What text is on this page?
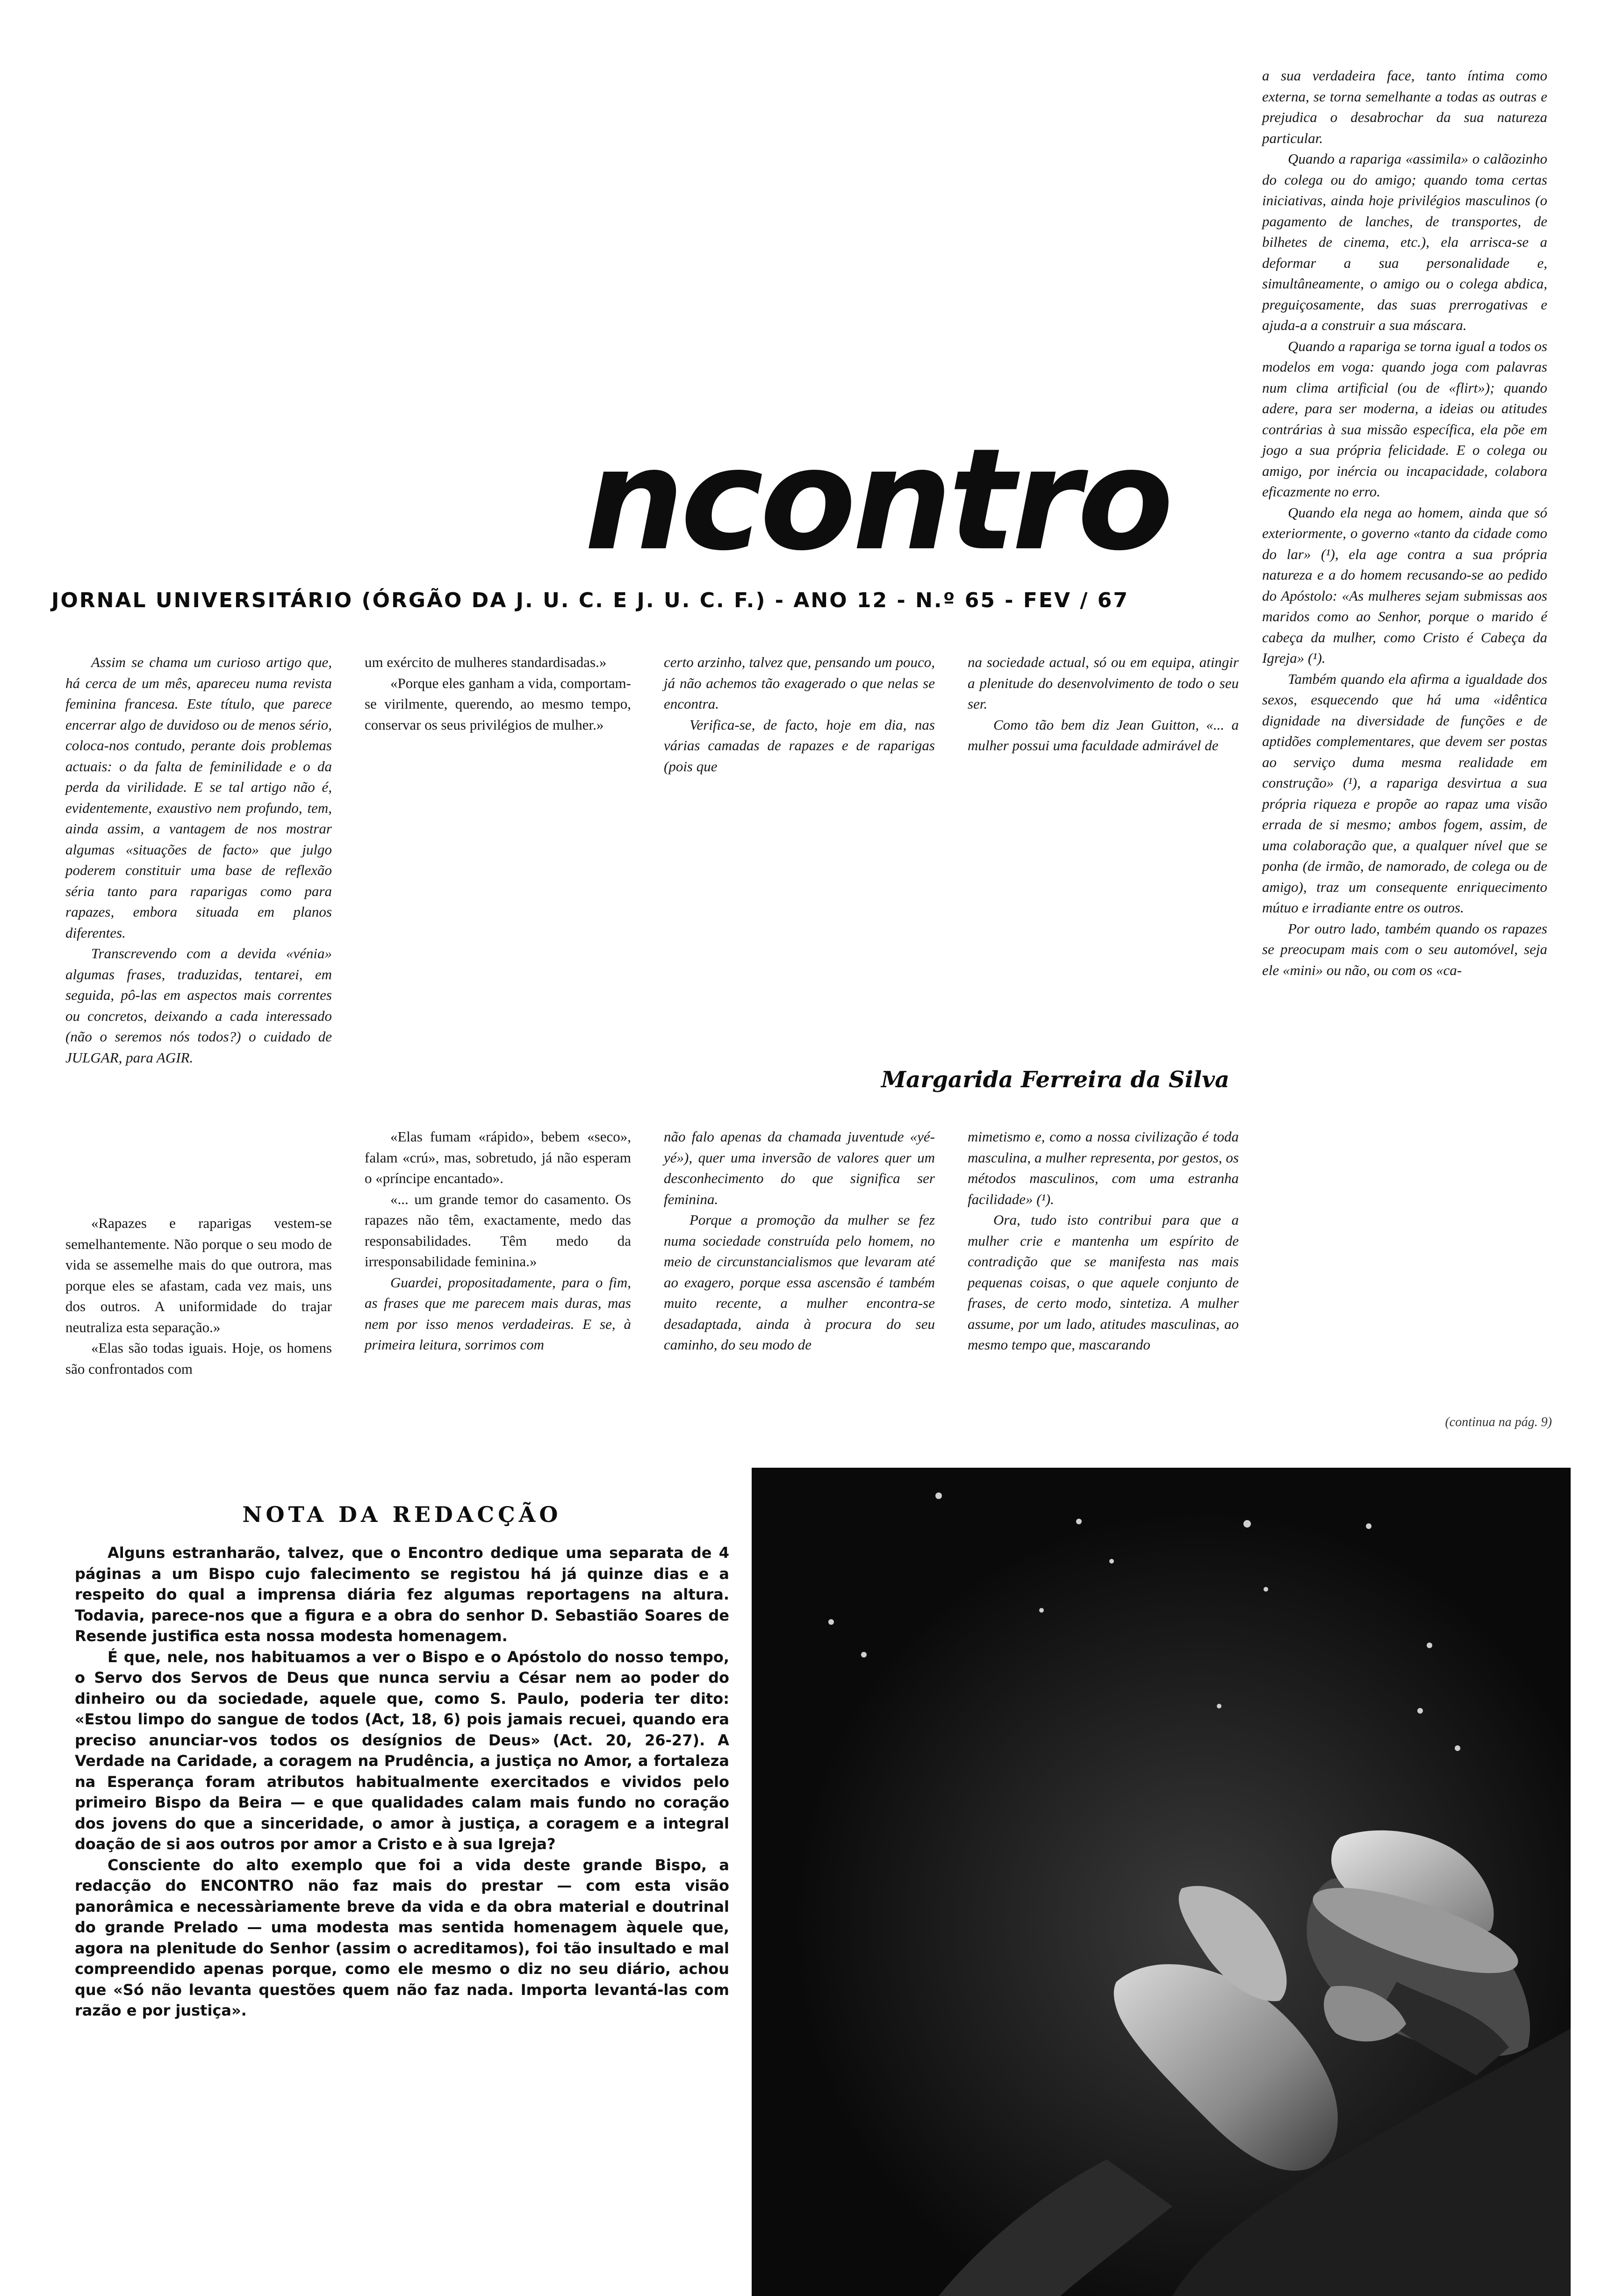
a sua verdadeira face, tanto íntima como externa, se torna semelhante a todas as outras e prejudica o desabrochar da sua natureza particular.

Quando a rapariga «assimila» o calãozinho do colega ou do amigo; quando toma certas iniciativas, ainda hoje privilégios masculinos (o pagamento de lanches, de transportes, de bilhetes de cinema, etc.), ela arrisca-se a deformar a sua personalidade e, simultâneamente, o amigo ou o colega abdica, preguiçosamente, das suas prerrogativas e ajuda-a a construir a sua máscara.

Quando a rapariga se torna igual a todos os modelos em voga: quando joga com palavras num clima artificial (ou de «flirt»); quando adere, para ser moderna, a ideias ou atitudes contrárias à sua missão específica, ela põe em jogo a sua própria felicidade. E o colega ou amigo, por inércia ou incapacidade, colabora eficazmente no erro.

Quando ela nega ao homem, ainda que só exteriormente, o governo «tanto da cidade como do lar» (¹), ela age contra a sua própria natureza e a do homem recusando-se ao pedido do Apóstolo: «As mulheres sejam submissas aos maridos como ao Senhor, porque o marido é cabeça da mulher, como Cristo é Cabeça da Igreja» (¹).

Também quando ela afirma a igualdade dos sexos, esquecendo que há uma «idêntica dignidade na diversidade de funções e de aptidões complementares, que devem ser postas ao serviço duma mesma realidade em construção» (¹), a rapariga desvirtua a sua própria riqueza e propõe ao rapaz uma visão errada de si mesmo; ambos fogem, assim, de uma colaboração que, a qualquer nível que se ponha (de irmão, de namorado, de colega ou de amigo), traz um consequente enriquecimento mútuo e irradiante entre os outros.

Por outro lado, também quando os rapazes se preocupam mais com o seu automóvel, seja ele «mini» ou não, ou com os «ca-

(continua na pág. 9)
ncontro
JORNAL UNIVERSITÁRIO (ÓRGÃO DA J. U. C. E J. U. C. F.) - ANO 12 - N.º 65 - FEV / 67

Assim se chama um curioso artigo que, há cerca de um mês, apareceu numa revista feminina francesa. Este título, que parece encerrar algo de duvidoso ou de menos sério, coloca-nos contudo, perante dois problemas actuais: o da falta de feminilidade e o da perda da virilidade. E se tal artigo não é, evidentemente, exaustivo nem profundo, tem, ainda assim, a vantagem de nos mostrar algumas «situações de facto» que julgo poderem constituir uma base de reflexão séria tanto para raparigas como para rapazes, embora situada em planos diferentes.

Transcrevendo com a devida «vénia» algumas frases, traduzidas, tentarei, em seguida, pô-las em aspectos mais correntes ou concretos, deixando a cada interessado (não o seremos nós todos?) o cuidado de JULGAR, para AGIR.

um exército de mulheres standardisadas.»

«Porque eles ganham a vida, comportam-se virilmente, querendo, ao mesmo tempo, conservar os seus privilégios de mulher.»

certo arzinho, talvez que, pensando um pouco, já não achemos tão exagerado o que nelas se encontra.

Verifica-se, de facto, hoje em dia, nas várias camadas de rapazes e de raparigas (pois que

na sociedade actual, só ou em equipa, atingir a plenitude do desenvolvimento de todo o seu ser.

Como tão bem diz Jean Guitton, «... a mulher possui uma faculdade admirável de

Margarida Ferreira da Silva

«Rapazes e raparigas vestem-se semelhantemente. Não porque o seu modo de vida se assemelhe mais do que outrora, mas porque eles se afastam, cada vez mais, uns dos outros. A uniformidade do trajar neutraliza esta separação.»

«Elas são todas iguais. Hoje, os homens são confrontados com

«Elas fumam «rápido», bebem «seco», falam «crú», mas, sobretudo, já não esperam o «príncipe encantado».

«... um grande temor do casamento. Os rapazes não têm, exactamente, medo das responsabilidades. Têm medo da irresponsabilidade feminina.»

Guardei, propositadamente, para o fim, as frases que me parecem mais duras, mas nem por isso menos verdadeiras. E se, à primeira leitura, sorrimos com

não falo apenas da chamada juventude «yé-yé»), quer uma inversão de valores quer um desconhecimento do que significa ser feminina.

Porque a promoção da mulher se fez numa sociedade construída pelo homem, no meio de circunstancialismos que levaram até ao exagero, porque essa ascensão é também muito recente, a mulher encontra-se desadaptada, ainda à procura do seu caminho, do seu modo de

mimetismo e, como a nossa civilização é toda masculina, a mulher representa, por gestos, os métodos masculinos, com uma estranha facilidade» (¹).

Ora, tudo isto contribui para que a mulher crie e mantenha um espírito de contradição que se manifesta nas mais pequenas coisas, o que aquele conjunto de frases, de certo modo, sintetiza. A mulher assume, por um lado, atitudes masculinas, ao mesmo tempo que, mascarando

NOTA DA REDACÇÃO

Alguns estranharão, talvez, que o Encontro dedique uma separata de 4 páginas a um Bispo cujo falecimento se registou há já quinze dias e a respeito do qual a imprensa diária fez algumas reportagens na altura. Todavia, parece-nos que a figura e a obra do senhor D. Sebastião Soares de Resende justifica esta nossa modesta homenagem.

É que, nele, nos habituamos a ver o Bispo e o Apóstolo do nosso tempo, o Servo dos Servos de Deus que nunca serviu a César nem ao poder do dinheiro ou da sociedade, aquele que, como S. Paulo, poderia ter dito: «Estou limpo do sangue de todos (Act, 18, 6) pois jamais recuei, quando era preciso anunciar-vos todos os desígnios de Deus» (Act. 20, 26-27). A Verdade na Caridade, a coragem na Prudência, a justiça no Amor, a fortaleza na Esperança foram atributos habitualmente exercitados e vividos pelo primeiro Bispo da Beira — e que qualidades calam mais fundo no coração dos jovens do que a sinceridade, o amor à justiça, a coragem e a integral doação de si aos outros por amor a Cristo e à sua Igreja?

Consciente do alto exemplo que foi a vida deste grande Bispo, a redacção do ENCONTRO não faz mais do prestar — com esta visão panorâmica e necessàriamente breve da vida e da obra material e doutrinal do grande Prelado — uma modesta mas sentida homenagem àquele que, agora na plenitude do Senhor (assim o acreditamos), foi tão insultado e mal compreendido apenas porque, como ele mesmo o diz no seu diário, achou que «Só não levanta questões quem não faz nada. Importa levantá-las com razão e por justiça».
